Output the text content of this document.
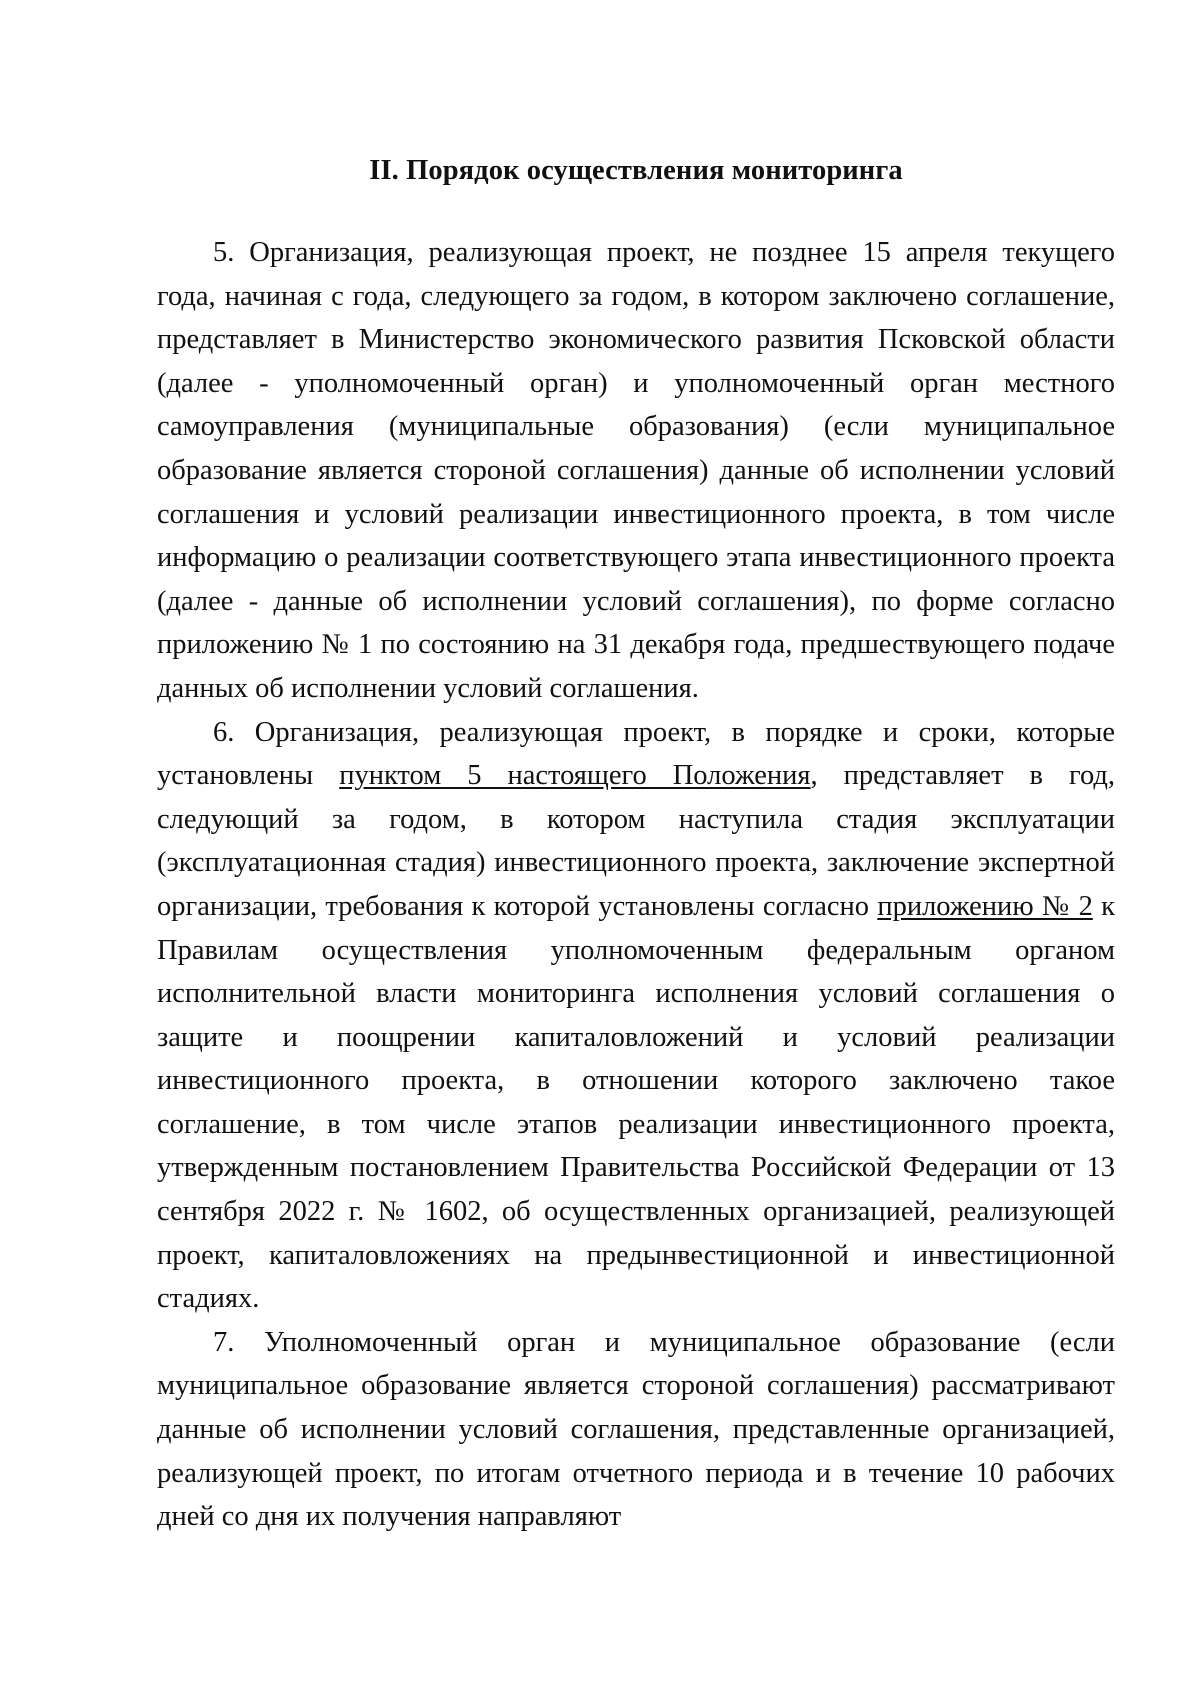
II. Порядок осуществления мониторинга

5. Организация, реализующая проект, не позднее 15 апреля текущего года, начиная с года, следующего за годом, в котором заключено соглашение, представляет в Министерство экономического развития Псковской области (далее - уполномоченный орган) и уполномоченный орган местного самоуправления (муниципальные образования) (если муниципальное образование является стороной соглашения) данные об исполнении условий соглашения и условий реализации инвестиционного проекта, в том числе информацию о реализации соответствующего этапа инвестиционного проекта (далее - данные об исполнении условий соглашения), по форме согласно приложению № 1 по состоянию на 31 декабря года, предшествующего подаче данных об исполнении условий соглашения.

6. Организация, реализующая проект, в порядке и сроки, которые установлены пунктом 5 настоящего Положения, представляет в год, следующий за годом, в котором наступила стадия эксплуатации (эксплуатационная стадия) инвестиционного проекта, заключение экспертной организации, требования к которой установлены согласно приложению № 2 к Правилам осуществления уполномоченным федеральным органом исполнительной власти мониторинга исполнения условий соглашения о защите и поощрении капиталовложений и условий реализации инвестиционного проекта, в отношении которого заключено такое соглашение, в том числе этапов реализации инвестиционного проекта, утвержденным постановлением Правительства Российской Федерации от 13 сентября 2022 г. № 1602, об осуществленных организацией, реализующей проект, капиталовложениях на предынвестиционной и инвестиционной стадиях.

7. Уполномоченный орган и муниципальное образование (если муниципальное образование является стороной соглашения) рассматривают данные об исполнении условий соглашения, представленные организацией, реализующей проект, по итогам отчетного периода и в течение 10 рабочих дней со дня их получения направляют
